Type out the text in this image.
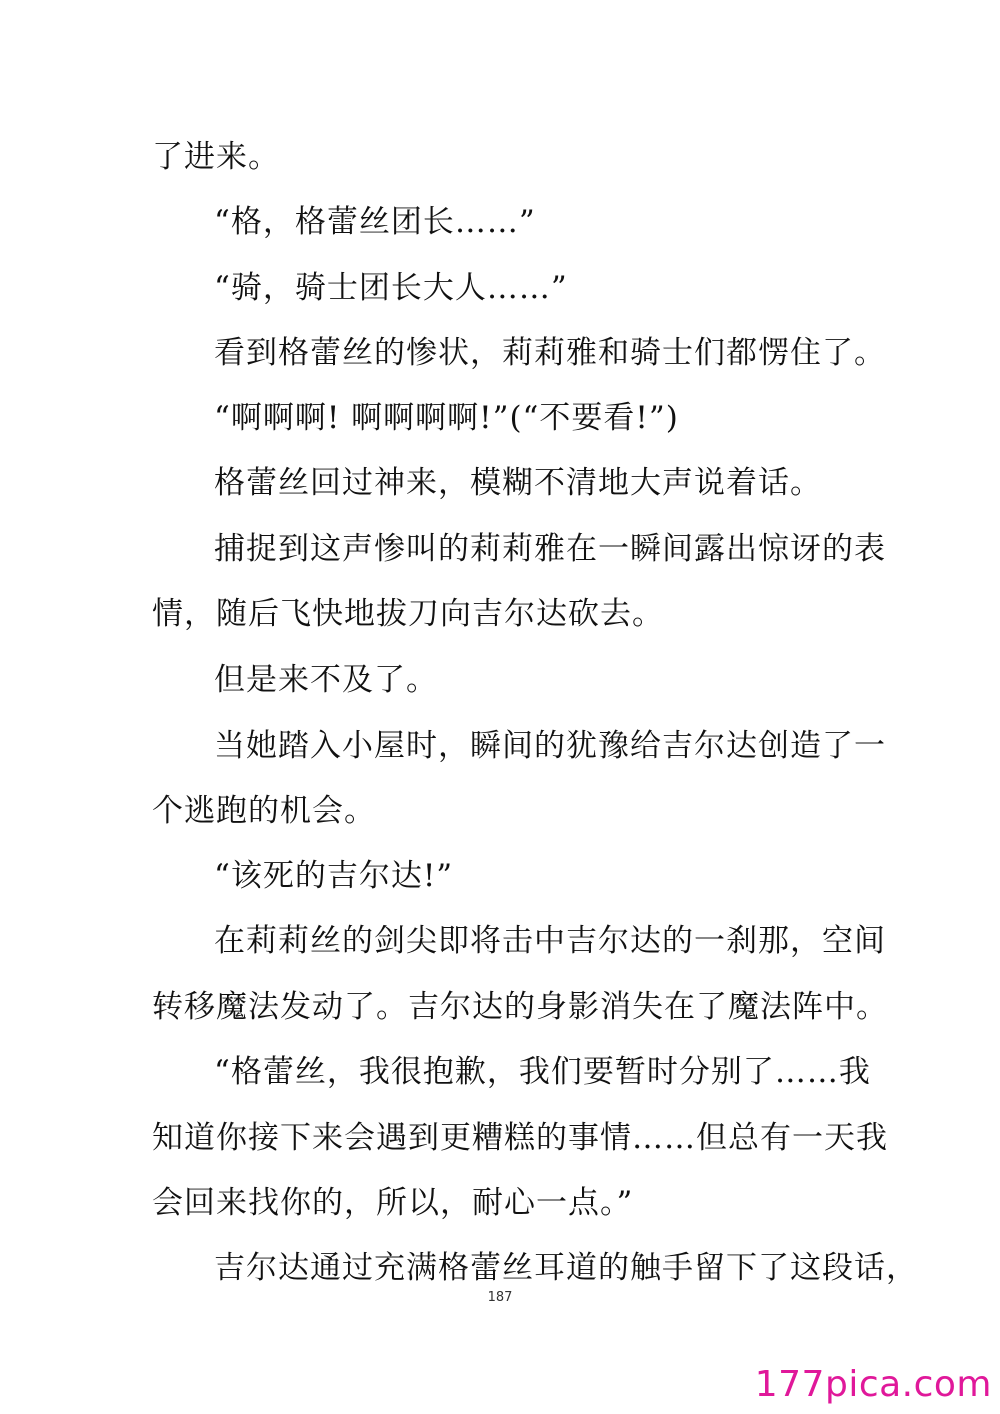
了进来。
“格，格蕾丝团长……”
“骑，骑士团长大人……”
看到格蕾丝的惨状，莉莉雅和骑士们都愣住了。
“啊啊啊! 啊啊啊啊!”(“不要看!”)
格蕾丝回过神来，模糊不清地大声说着话。
捕捉到这声惨叫的莉莉雅在一瞬间露出惊讶的表
情，随后飞快地拔刀向吉尔达砍去。
但是来不及了。
当她踏入小屋时，瞬间的犹豫给吉尔达创造了一
个逃跑的机会。
“该死的吉尔达!”
在莉莉丝的剑尖即将击中吉尔达的一刹那，空间
转移魔法发动了。吉尔达的身影消失在了魔法阵中。
“格蕾丝，我很抱歉，我们要暂时分别了……我
知道你接下来会遇到更糟糕的事情……但总有一天我
会回来找你的，所以，耐心一点。”
吉尔达通过充满格蕾丝耳道的触手留下了这段话，
187
177pica.com
